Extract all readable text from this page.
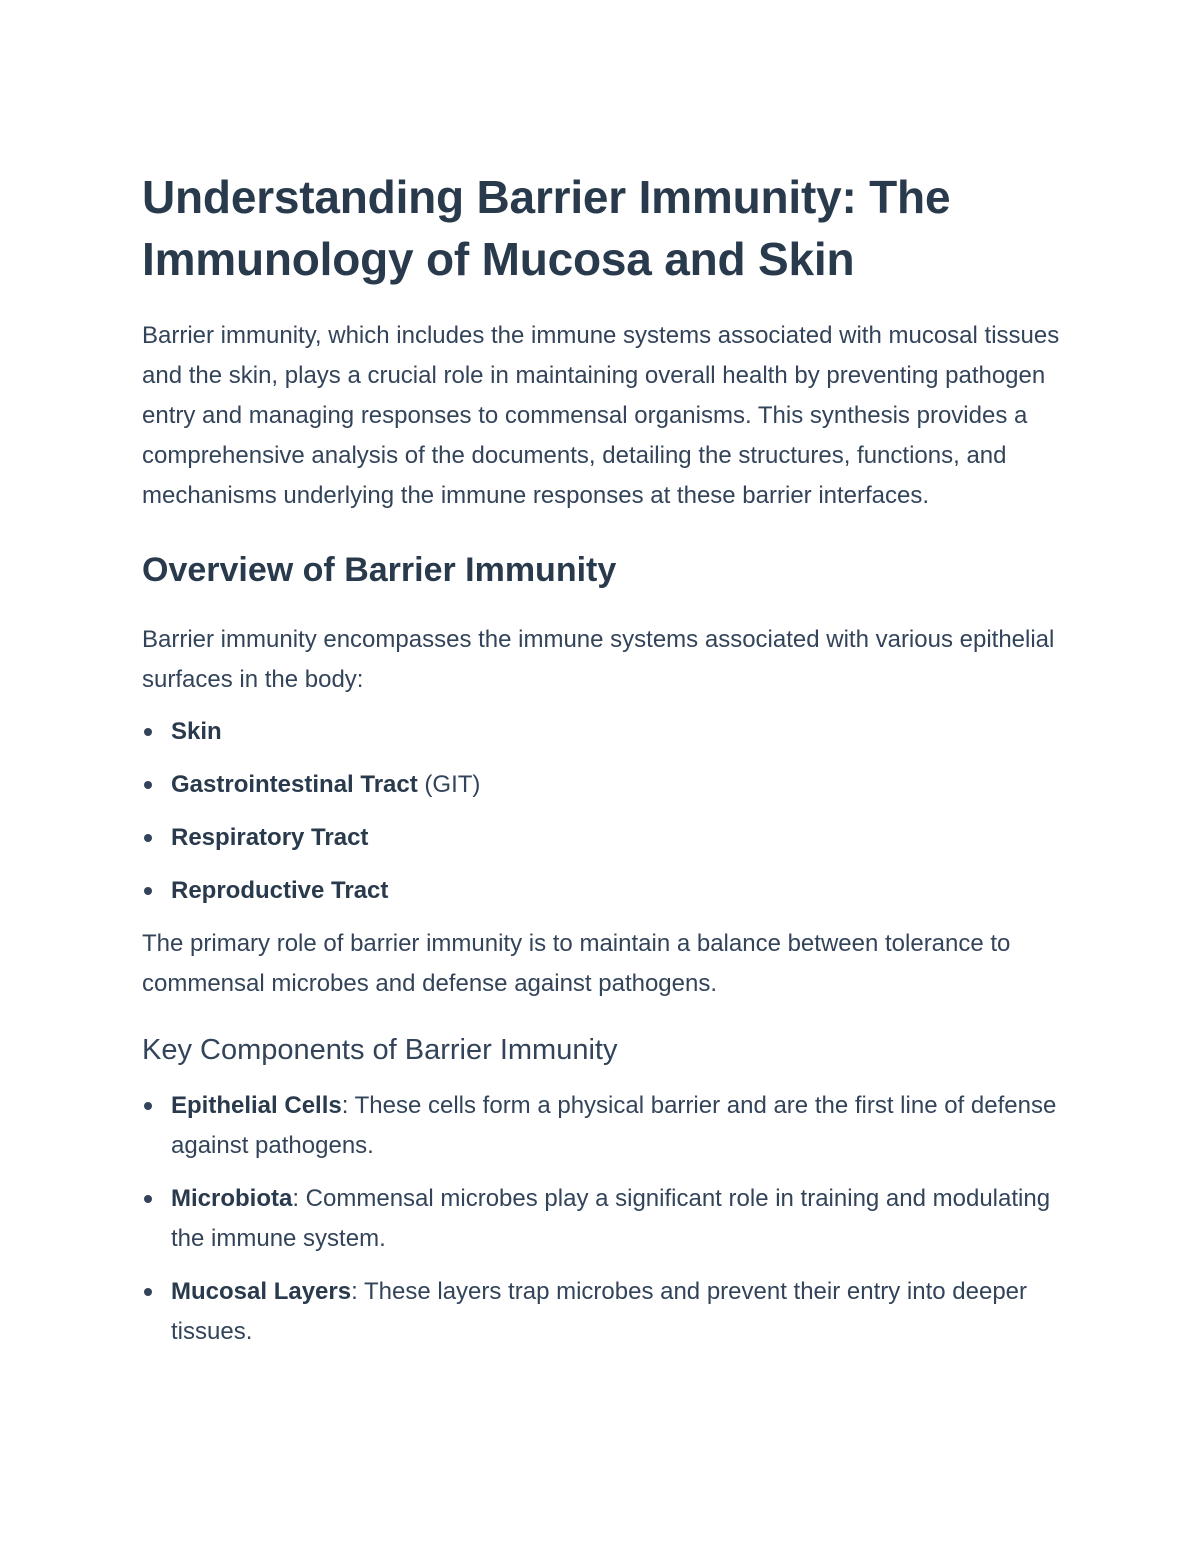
Understanding Barrier Immunity: The Immunology of Mucosa and Skin

Barrier immunity, which includes the immune systems associated with mucosal tissues and the skin, plays a crucial role in maintaining overall health by preventing pathogen entry and managing responses to commensal organisms. This synthesis provides a comprehensive analysis of the documents, detailing the structures, functions, and mechanisms underlying the immune responses at these barrier interfaces.

Overview of Barrier Immunity

Barrier immunity encompasses the immune systems associated with various epithelial surfaces in the body:

Skin
Gastrointestinal Tract (GIT)
Respiratory Tract
Reproductive Tract

The primary role of barrier immunity is to maintain a balance between tolerance to commensal microbes and defense against pathogens.

Key Components of Barrier Immunity
Epithelial Cells: These cells form a physical barrier and are the first line of defense against pathogens.
Microbiota: Commensal microbes play a significant role in training and modulating the immune system.
Mucosal Layers: These layers trap microbes and prevent their entry into deeper tissues.
